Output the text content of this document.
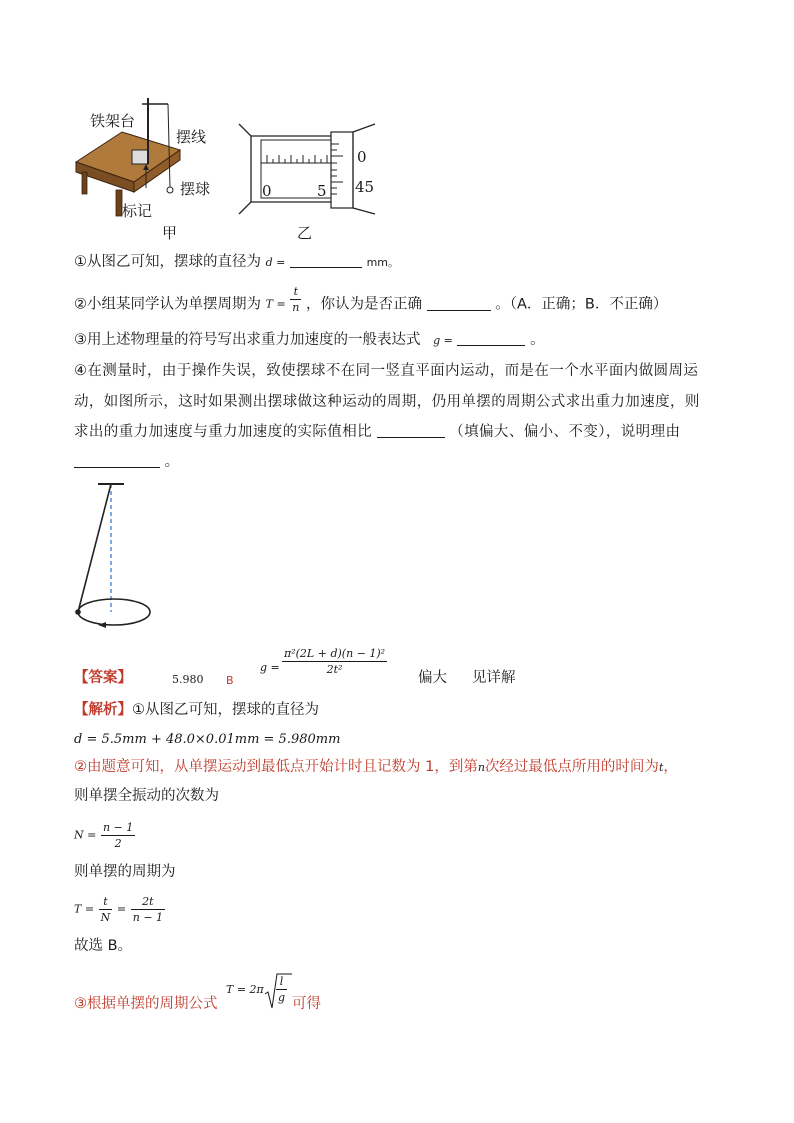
铁架台
摆线
摆球
标记
甲
0	5
0
45
乙
①从图乙可知，摆球的直径为 d =	mm。
②小组某同学认为单摆周期为 $T = \frac{t}{n}$ ，你认为是否正确	。（A．正确；B．不正确）
③用上述物理量的符号写出求重力加速度的一般表达式 g =	。
④在测量时，由于操作失误，致使摆球不在同一竖直平面内运动，而是在一个水平面内做圆周运
动，如图所示，这时如果测出摆球做这种运动的周期，仍用单摆的周期公式求出重力加速度，则
求出的重力加速度与重力加速度的实际值相比	（填偏大、偏小、不变），说明理由
。
【答案】	5.980 B
$g = \frac{\text{π²(2L + d)(n − 1)²}}{\text{2t²}}$
偏大 见详解
【解析】①从图乙可知，摆球的直径为
d = 5.5mm + 48.0×0.01mm = 5.980mm
②由题意可知，从单摆运动到最低点开始计时且记数为 1，到第n次经过最低点所用的时间为t，
则单摆全振动的次数为
$N = \frac{n - 1}{2}$
则单摆的周期为
$T = \frac{t}{N} = \frac{2t}{n - 1}$
故选 B。
③根据单摆的周期公式
$T = 2\pi \frac{l}{g}$ 可得
